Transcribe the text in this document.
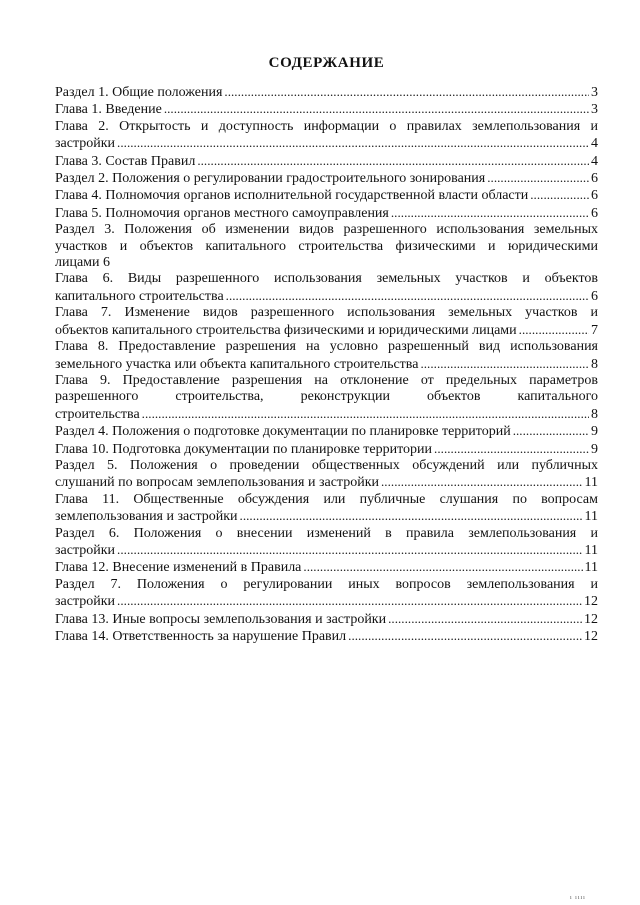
СОДЕРЖАНИЕ
Раздел 1. Общие положения . . .	3
Глава 1. Введение . . .	3
Глава 2. Открытость и доступность информации о правилах землепользования и
застройки . . .	4
Глава 3. Состав Правил . . .	4
Раздел 2. Положения о регулировании градостроительного зонирования . . .	6
Глава 4. Полномочия органов исполнительной государственной власти области . . .	6
Глава 5. Полномочия органов местного самоуправления . . .	6
Раздел 3. Положения об изменении видов разрешенного использования земельных
участков и объектов капитального строительства физическими и юридическими
лицами 6
Глава 6. Виды разрешенного использования земельных участков и объектов
капитального строительства . . .	6
Глава 7. Изменение видов разрешенного использования земельных участков и
объектов капитального строительства физическими и юридическими лицами . . .	7
Глава 8. Предоставление разрешения на условно разрешенный вид использования
земельного участка или объекта капитального строительства . . .	8
Глава 9. Предоставление разрешения на отклонение от предельных параметров
разрешенного строительства, реконструкции объектов капитального
строительства . . .	8
Раздел 4. Положения о подготовке документации по планировке территорий . . .	9
Глава 10. Подготовка документации по планировке территории . . .	9
Раздел 5. Положения о проведении общественных обсуждений или публичных
слушаний по вопросам землепользования и застройки . . .	11
Глава 11. Общественные обсуждения или публичные слушания по вопросам
землепользования и застройки . . .	11
Раздел 6. Положения о внесении изменений в правила землепользования и
застройки . . .	11
Глава 12. Внесение изменений в Правила . . .	11
Раздел 7. Положения о регулировании иных вопросов землепользования и
застройки . . .	12
Глава 13. Иные вопросы землепользования и застройки . . .	12
Глава 14. Ответственность за нарушение Правил . . .	12
ı ıııı
